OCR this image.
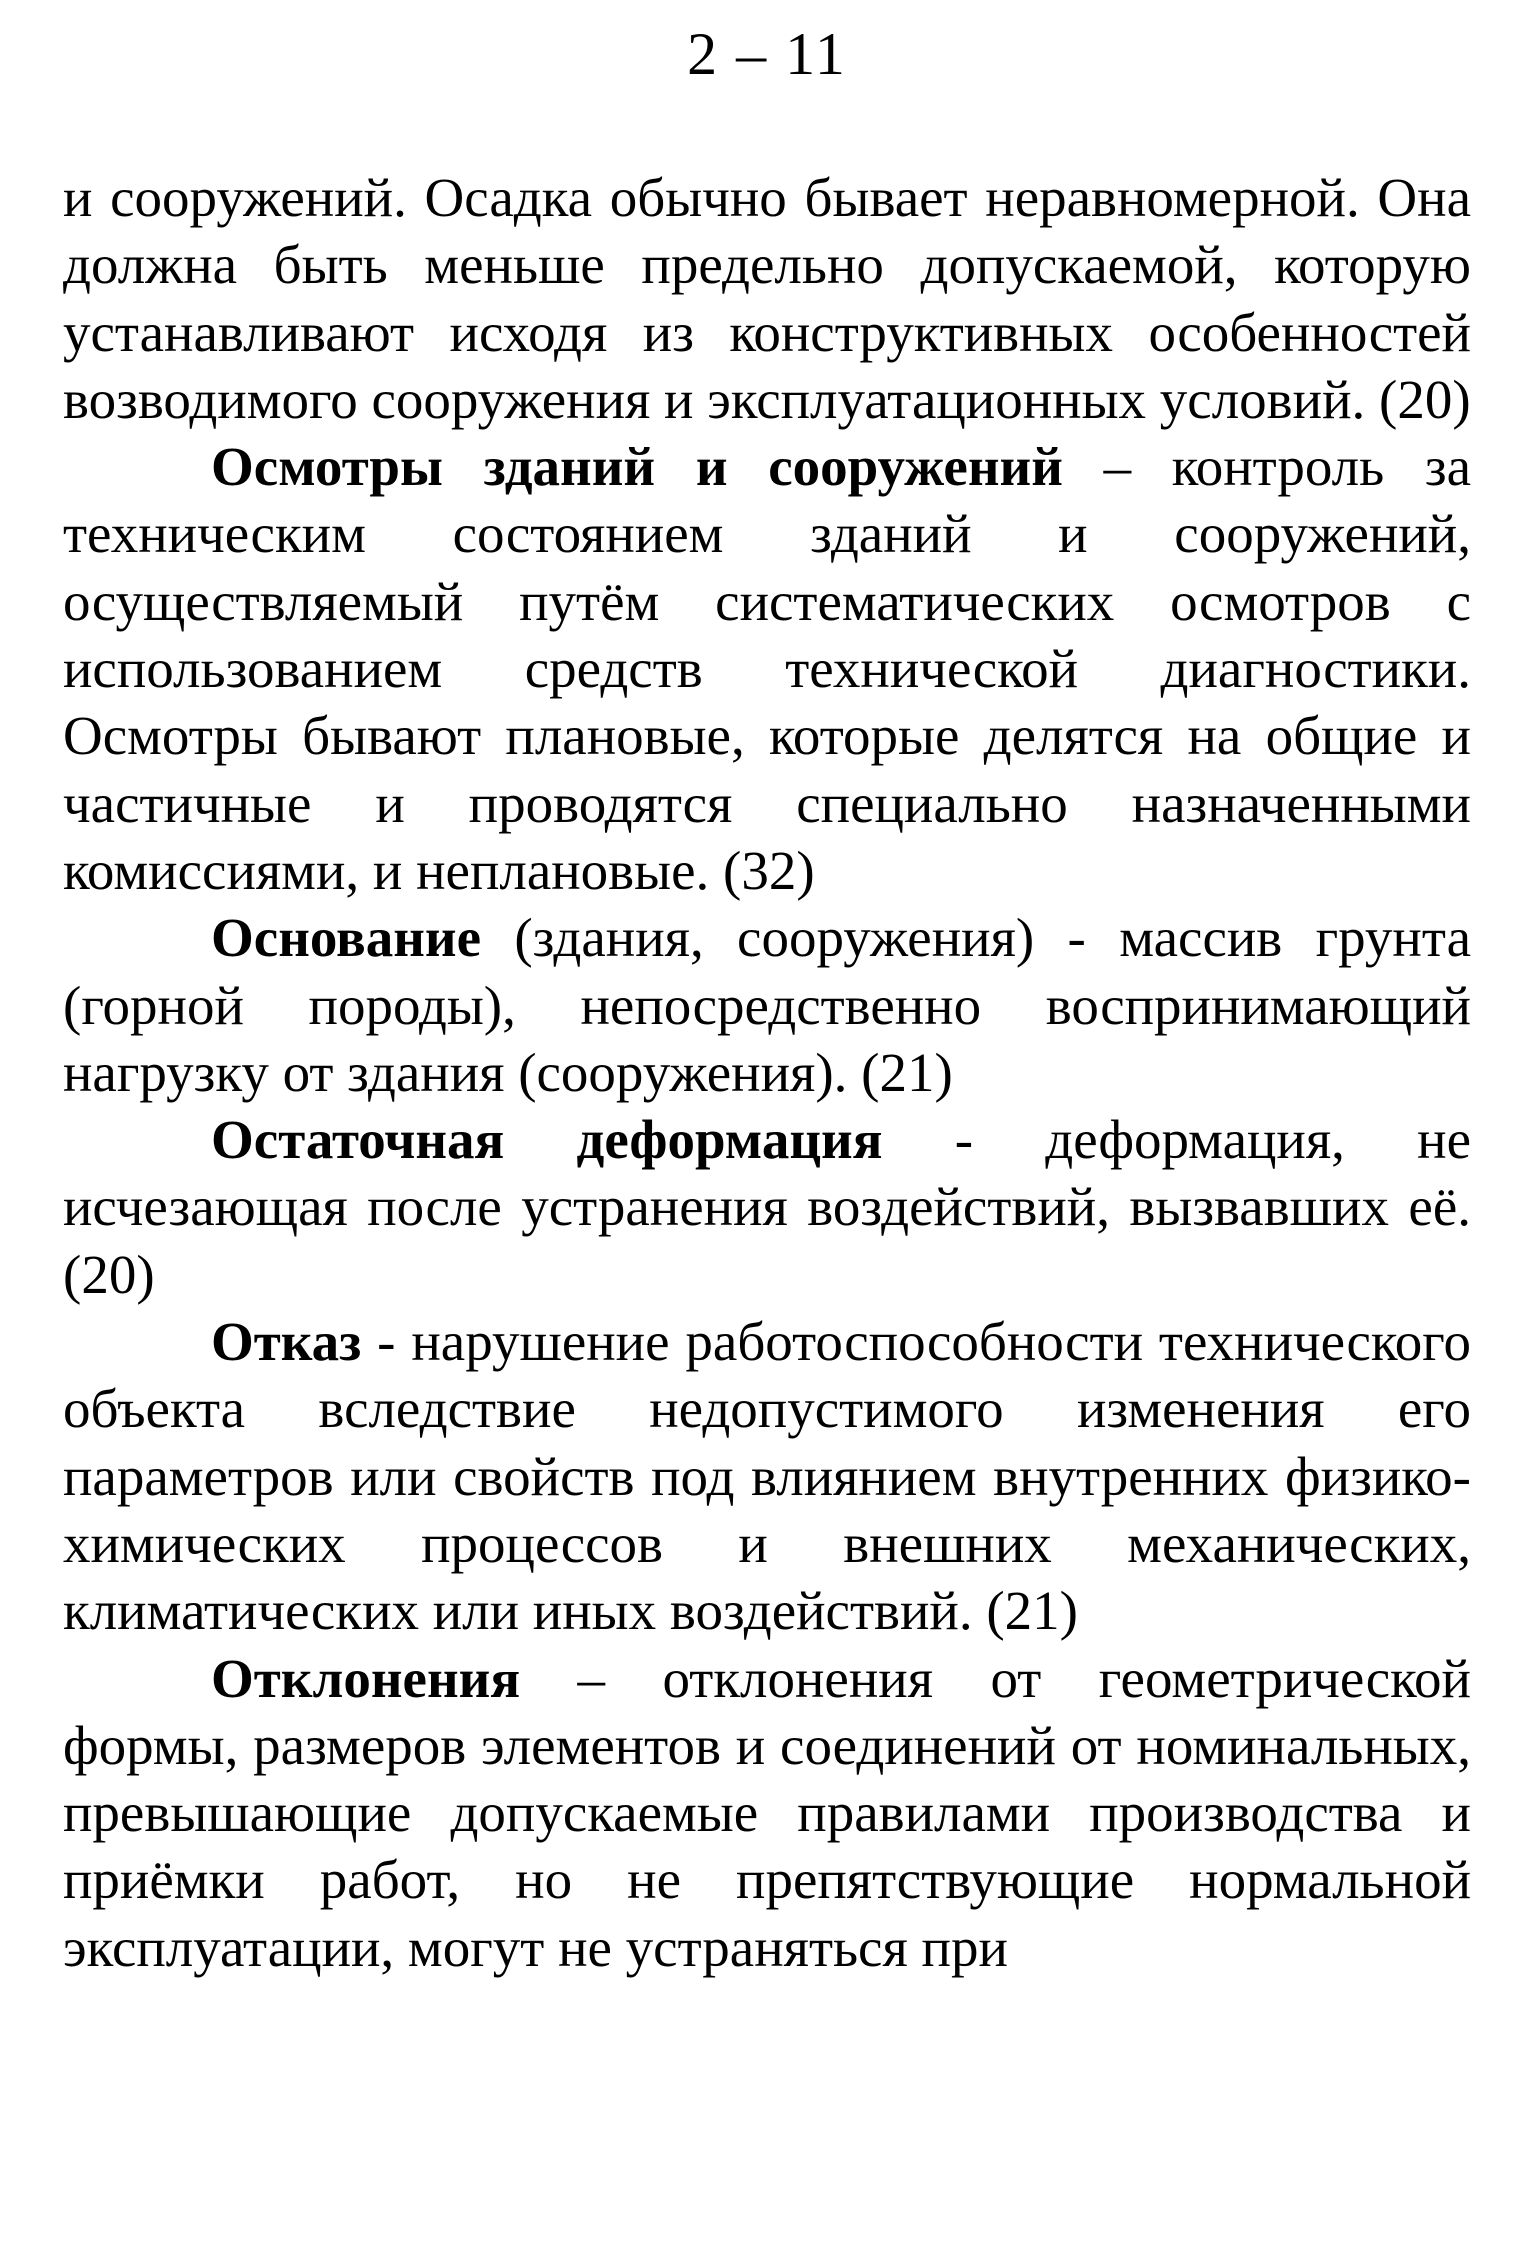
2 – 11

и сооружений. Осадка обычно бывает неравномерной. Она должна быть меньше предельно допускаемой, которую устанавливают исходя из конструктивных особенностей возводимого сооружения и эксплуатационных условий. (20)

Осмотры зданий и сооружений – контроль за техническим состоянием зданий и сооружений, осуществляемый путём систематических осмотров с использованием средств технической диагностики. Осмотры бывают плановые, которые делятся на общие и частичные и проводятся специально назначенными комиссиями, и неплановые. (32)

Основание (здания, сооружения) - массив грунта (горной породы), непосредственно воспринимающий нагрузку от здания (сооружения). (21)

Остаточная деформация - деформация, не исчезающая после устранения воздействий, вызвавших её. (20)

Отказ - нарушение работоспособности технического объекта вследствие недопустимого изменения его параметров или свойств под влиянием внутренних физико-химических процессов и внешних механических, климатических или иных воздействий. (21)

Отклонения – отклонения от геометрической формы, размеров элементов и соединений от номинальных, превышающие допускаемые правилами производства и приёмки работ, но не препятствующие нормальной эксплуатации, могут не устраняться при
